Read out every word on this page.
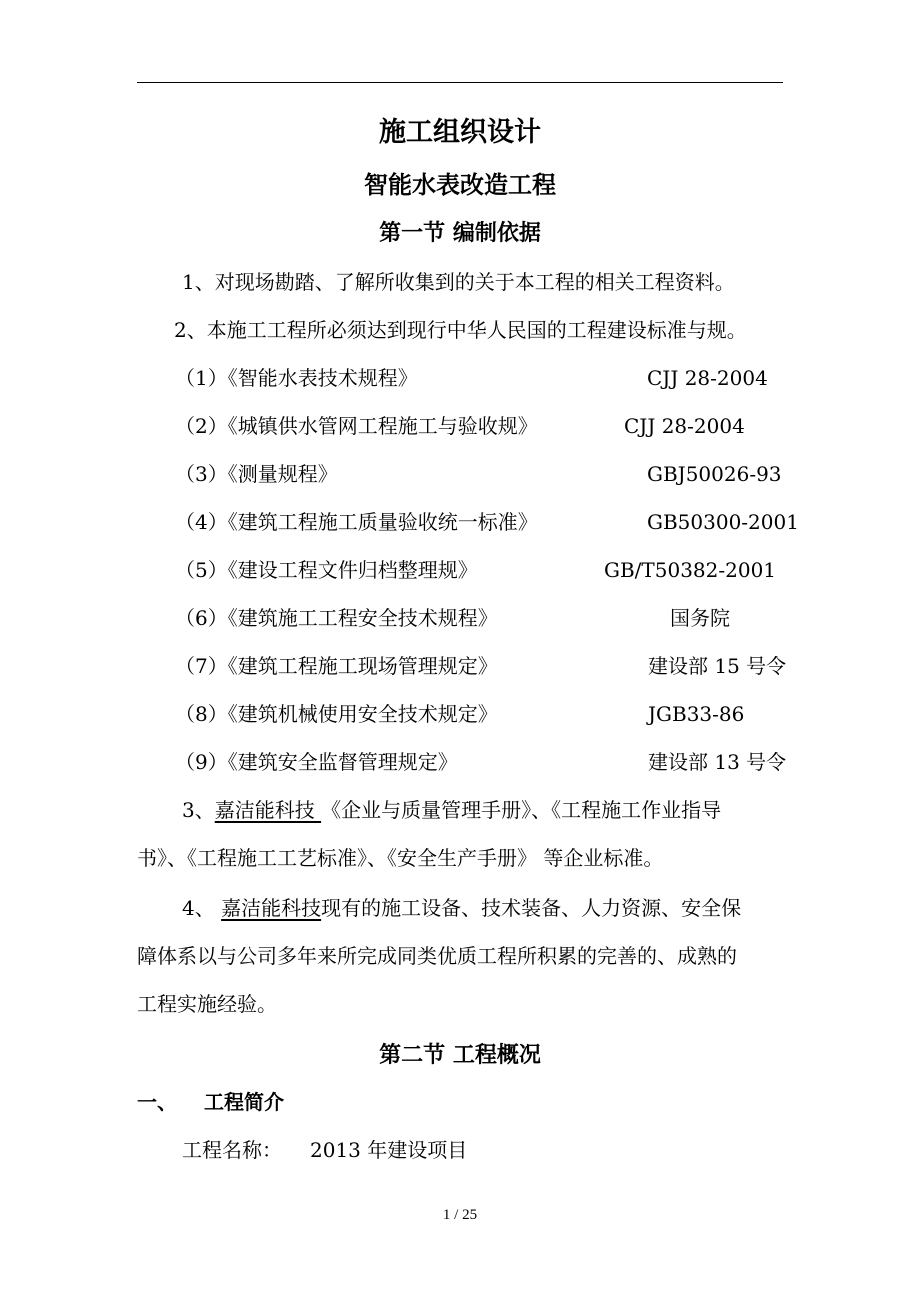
施工组织设计
智能水表改造工程
第一节 编制依据
1、对现场勘踏、了解所收集到的关于本工程的相关工程资料。
2、本施工工程所必须达到现行中华人民国的工程建设标准与规。
（1）《智能水表技术规程》	CJJ 28-2004
（2）《城镇供水管网工程施工与验收规》	CJJ 28-2004
（3）《测量规程》	GBJ50026-93
（4）《建筑工程施工质量验收统一标准》	GB50300-2001
（5）《建设工程文件归档整理规》	GB/T50382-2001
（6）《建筑施工工程安全技术规程》	国务院
（7）《建筑工程施工现场管理规定》	建设部 15 号令
（8）《建筑机械使用安全技术规定》	JGB33-86
（9）《建筑安全监督管理规定》	建设部 13 号令
3、嘉洁能科技 《企业与质量管理手册》、《工程施工作业指导
书》、《工程施工工艺标准》、《安全生产手册》 等企业标准。
4、 嘉洁能科技现有的施工设备、技术装备、人力资源、安全保
障体系以与公司多年来所完成同类优质工程所积累的完善的、成熟的
工程实施经验。
第二节 工程概况
一、 工程简介
工程名称： 2013 年建设项目
1 / 25
